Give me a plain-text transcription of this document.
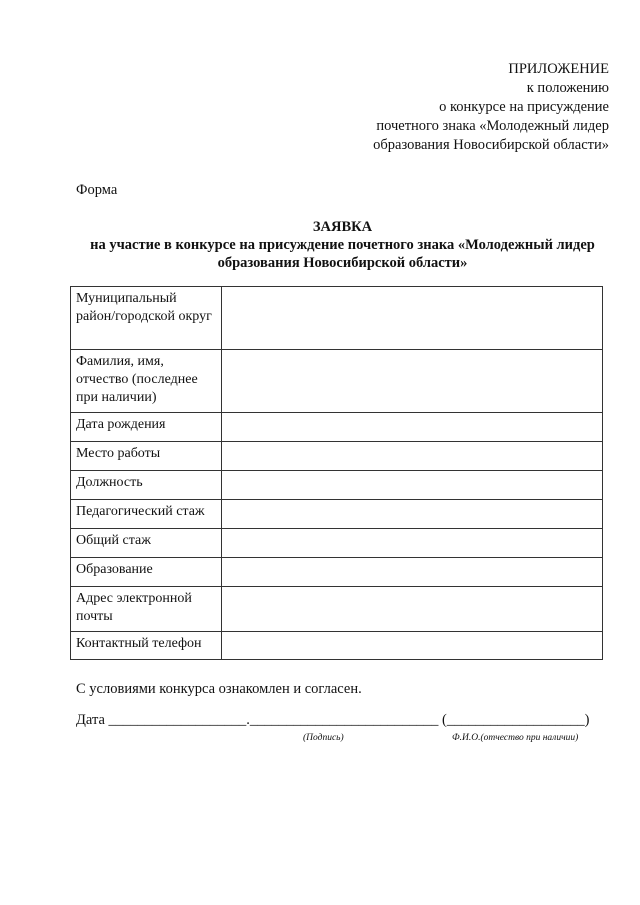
ПРИЛОЖЕНИЕ
к положению
о конкурсе на присуждение
почетного знака «Молодежный лидер
образования Новосибирской области»
Форма
ЗАЯВКА
на участие в конкурсе на присуждение почетного знака «Молодежный лидер
образования Новосибирской области»
Муниципальный район/городской округ	
Фамилия, имя, отчество (последнее при наличии)	
Дата рождения	
Место работы	
Должность	
Педагогический стаж	
Общий стаж	
Образование	
Адрес электронной почты	
Контактный телефон	
С условиями конкурса ознакомлен и согласен.
Дата ___________________.__________________________ (___________________)
(Подпись)	Ф.И.О.(отчество при наличии)
